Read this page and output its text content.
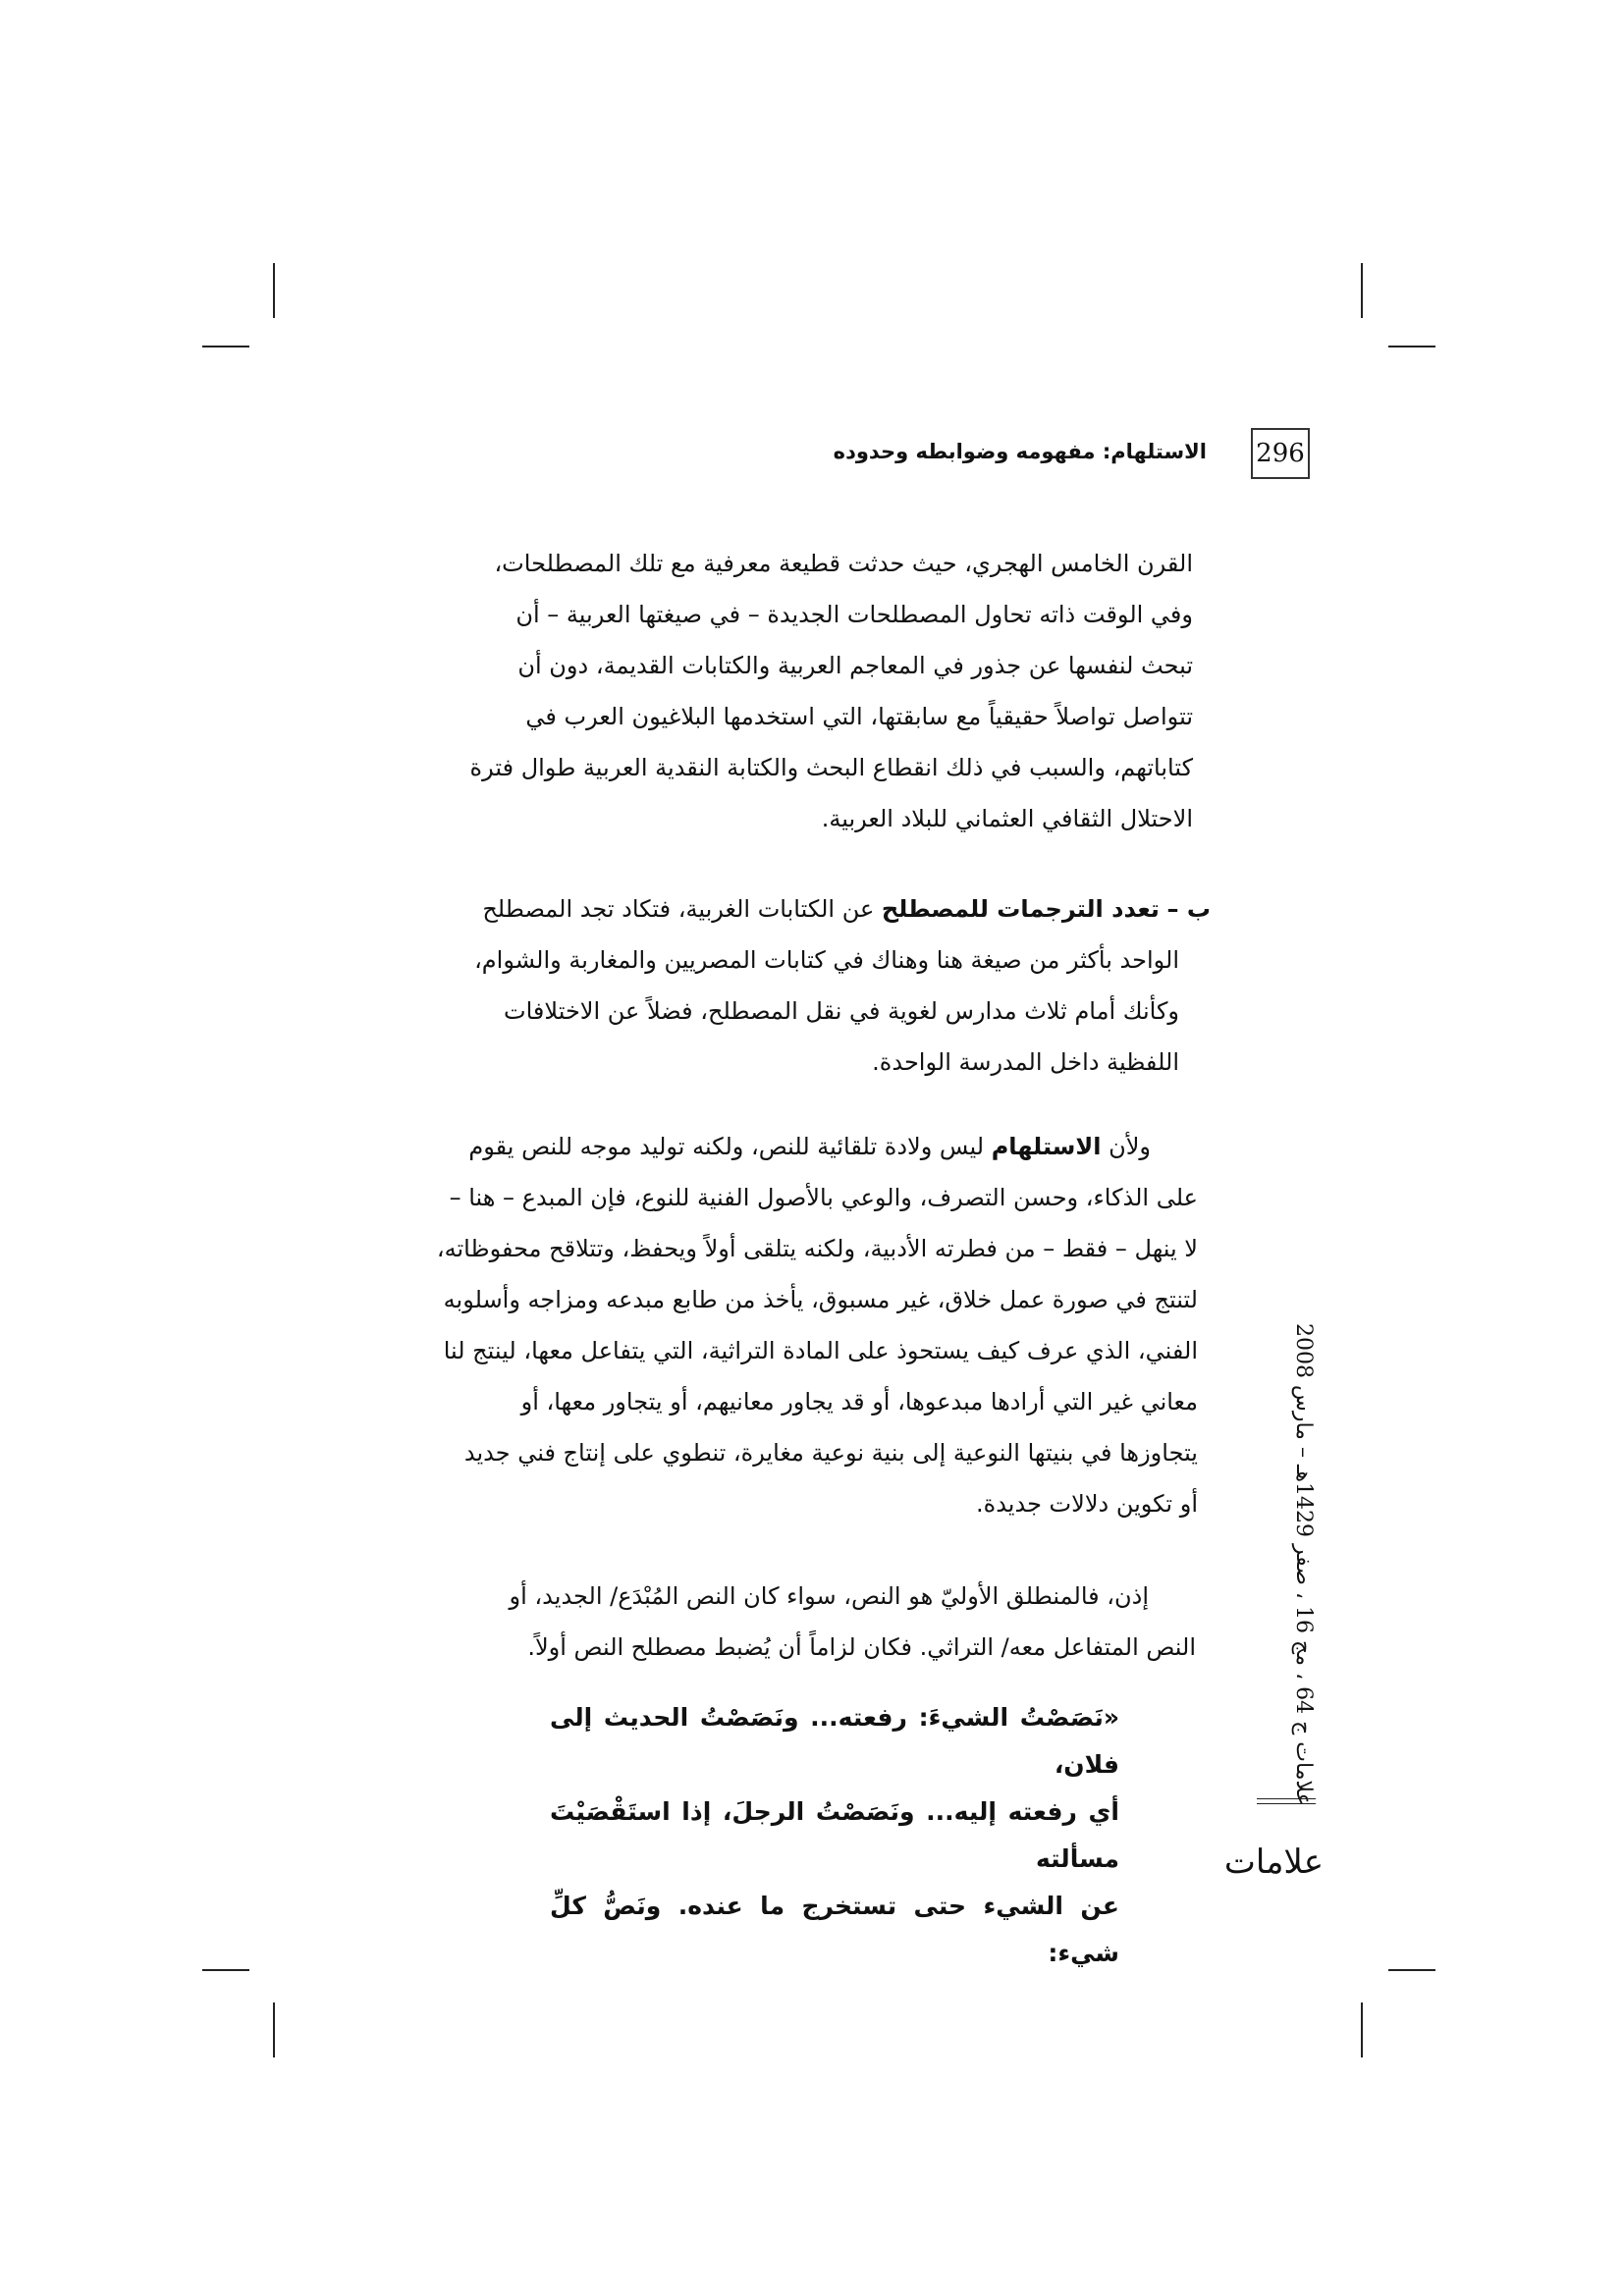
الاستلهام: مفهومه وضوابطه وحدوده 296
القرن الخامس الهجري، حيث حدثت قطيعة معرفية مع تلك المصطلحات،
وفي الوقت ذاته تحاول المصطلحات الجديدة – في صيغتها العربية – أن
تبحث لنفسها عن جذور في المعاجم العربية والكتابات القديمة، دون أن
تتواصل تواصلاً حقيقياً مع سابقتها، التي استخدمها البلاغيون العرب في
كتاباتهم، والسبب في ذلك انقطاع البحث والكتابة النقدية العربية طوال فترة
الاحتلال الثقافي العثماني للبلاد العربية.
ب – تعدد الترجمات للمصطلح عن الكتابات الغربية، فتكاد تجد المصطلح
الواحد بأكثر من صيغة هنا وهناك في كتابات المصريين والمغاربة والشوام،
وكأنك أمام ثلاث مدارس لغوية في نقل المصطلح، فضلاً عن الاختلافات
اللفظية داخل المدرسة الواحدة.
ولأن الاستلهام ليس ولادة تلقائية للنص، ولكنه توليد موجه للنص يقوم
على الذكاء، وحسن التصرف، والوعي بالأصول الفنية للنوع، فإن المبدع – هنا –
لا ينهل – فقط – من فطرته الأدبية، ولكنه يتلقى أولاً ويحفظ، وتتلاقح محفوظاته،
لتنتج في صورة عمل خلاق، غير مسبوق، يأخذ من طابع مبدعه ومزاجه وأسلوبه
الفني، الذي عرف كيف يستحوذ على المادة التراثية، التي يتفاعل معها، لينتج لنا
معاني غير التي أرادها مبدعوها، أو قد يجاور معانيهم، أو يتجاور معها، أو
يتجاوزها في بنيتها النوعية إلى بنية نوعية مغايرة، تنطوي على إنتاج فني جديد
أو تكوين دلالات جديدة.
إذن، فالمنطلق الأوليّ هو النص، سواء كان النص المُبْدَع/ الجديد، أو
النص المتفاعل معه/ التراثي. فكان لزاماً أن يُضبط مصطلح النص أولاً.
«نَصَصْتُ الشيءَ: رفعته... ونَصَصْتُ الحديث إلى فلان،
أي رفعته إليه... ونَصَصْتُ الرجلَ، إذا استَقْصَيْتَ مسألته
عن الشيء حتى تستخرج ما عنده. ونَصُّ كلِّ شيء:
علامات ج 64 ، مج 16 ، صفر 1429هـ – مارس 2008
علامات
